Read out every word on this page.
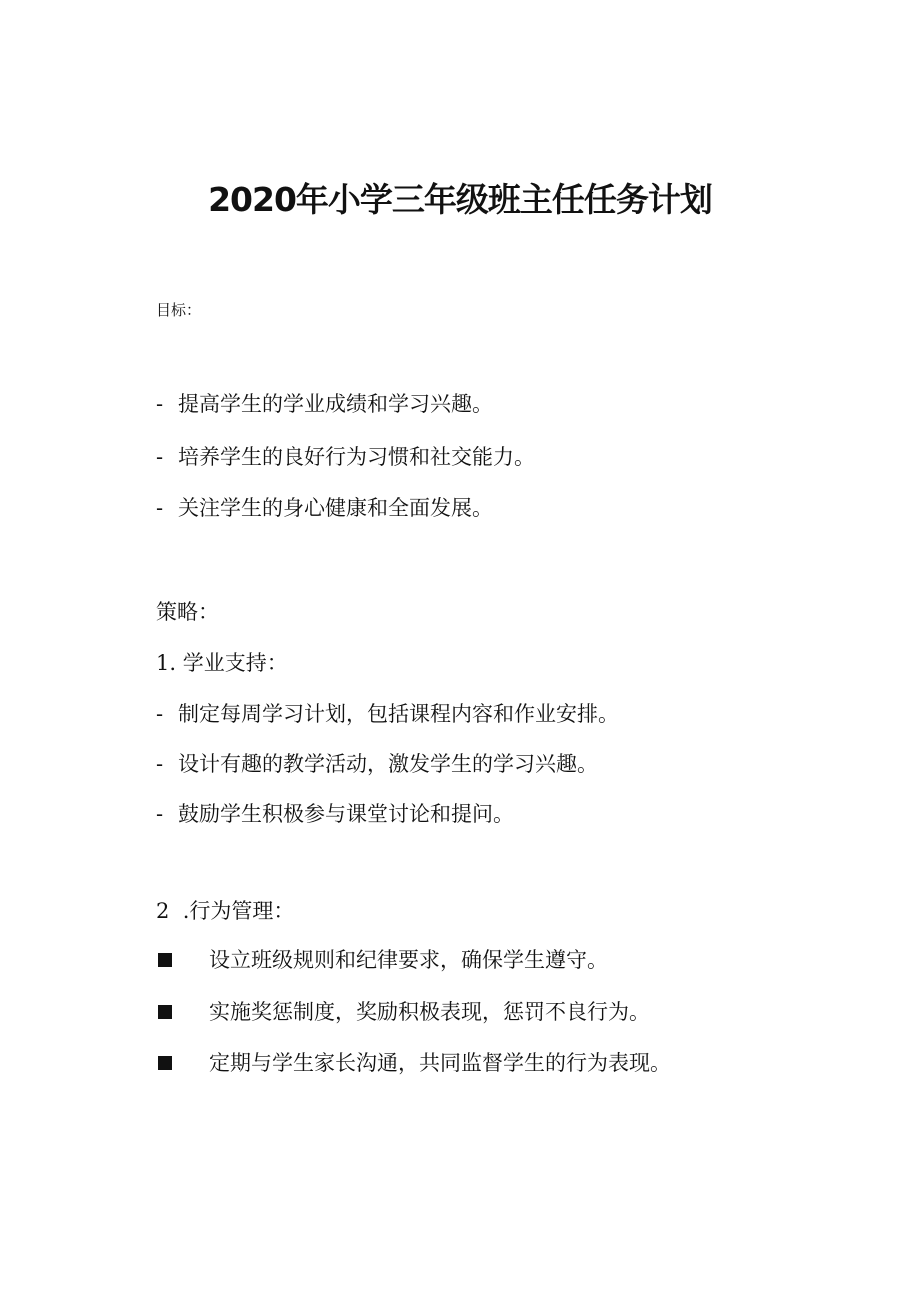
2020年小学三年级班主任任务计划
目标：
- 提高学生的学业成绩和学习兴趣。
- 培养学生的良好行为习惯和社交能力。
- 关注学生的身心健康和全面发展。
策略：
1. 学业支持：
- 制定每周学习计划，包括课程内容和作业安排。
- 设计有趣的教学活动，激发学生的学习兴趣。
- 鼓励学生积极参与课堂讨论和提问。
2  .行为管理：
设立班级规则和纪律要求，确保学生遵守。
实施奖惩制度，奖励积极表现，惩罚不良行为。
定期与学生家长沟通，共同监督学生的行为表现。
